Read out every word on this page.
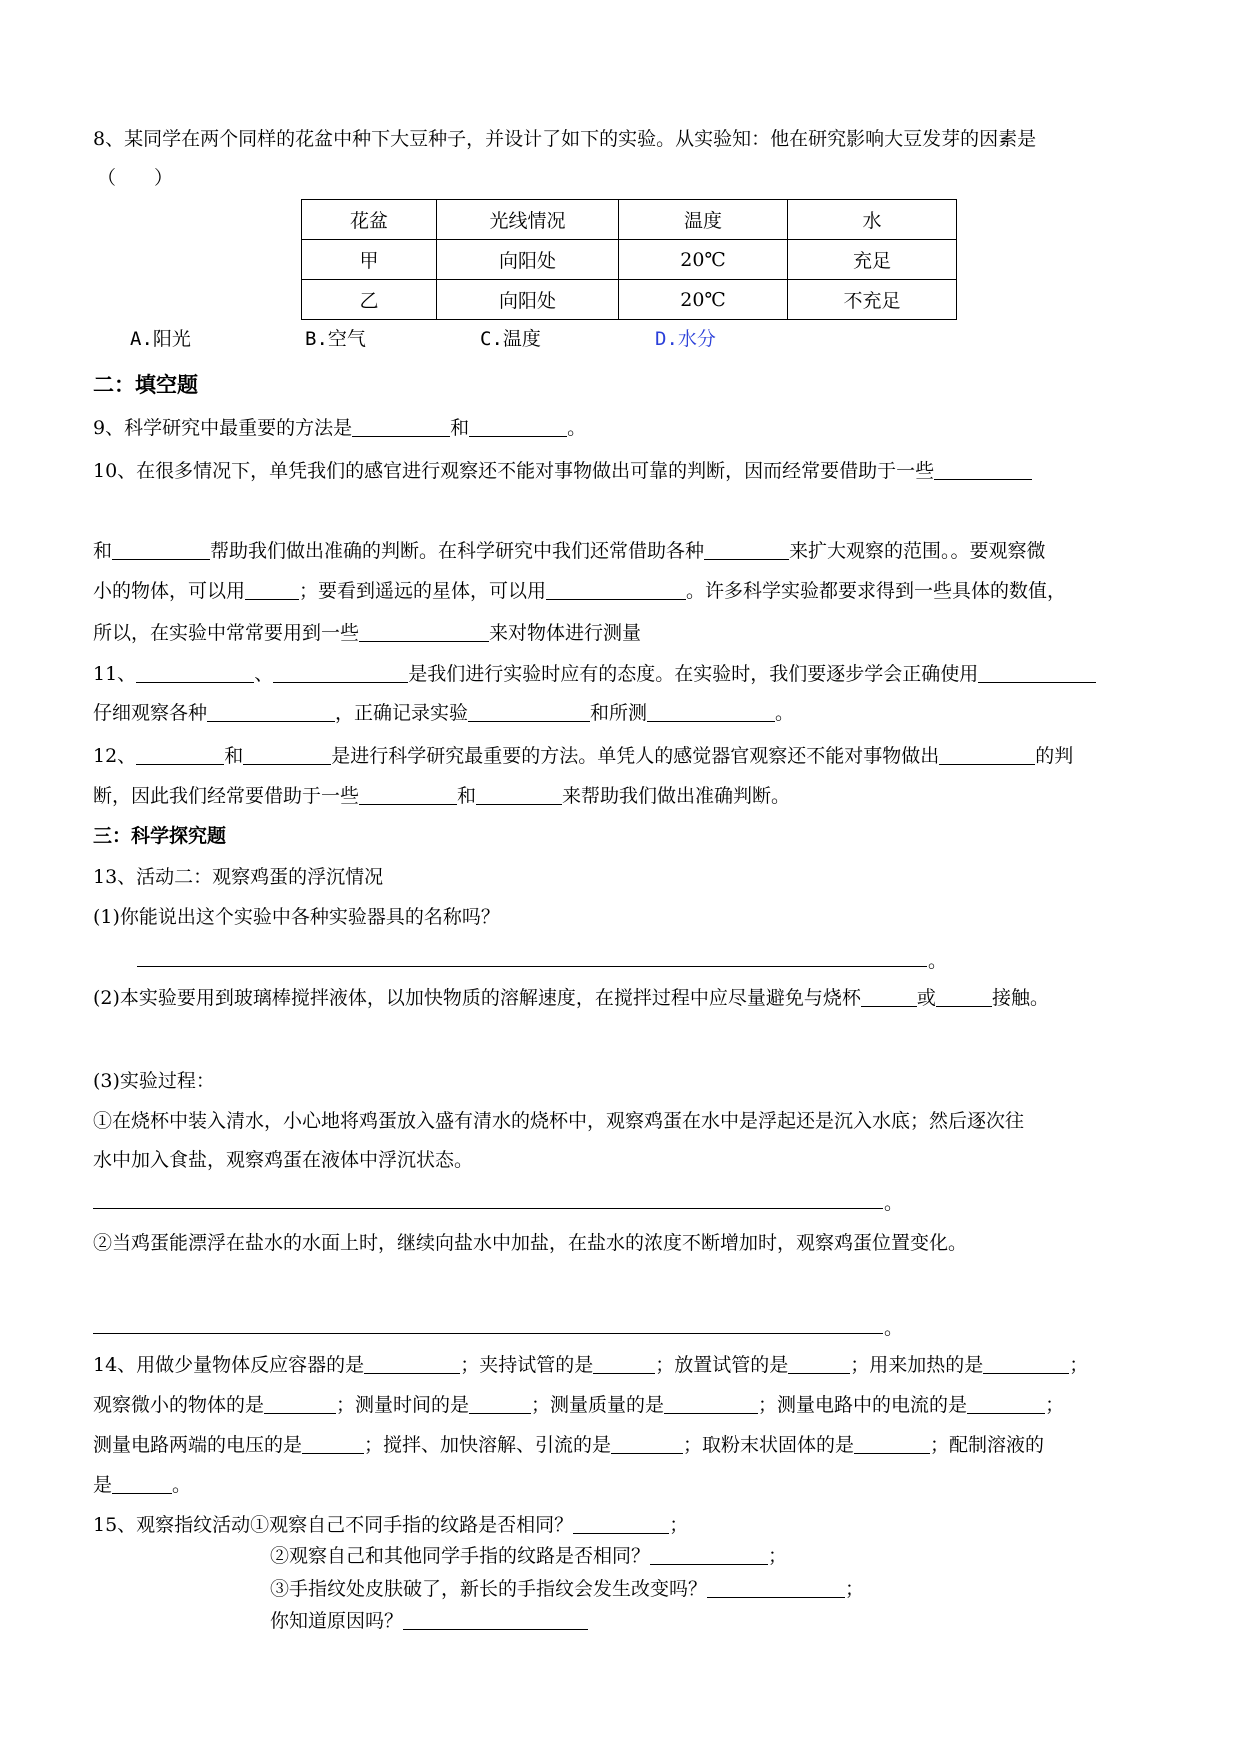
8、某同学在两个同样的花盆中种下大豆种子，并设计了如下的实验。从实验知：他在研究影响大豆发芽的因素是
（　　）
花盆	光线情况	温度	水
甲	向阳处	20℃	充足
乙	向阳处	20℃	不充足
A.阳光	B.空气	C.温度	D.水分
二：填空题
9、科学研究中最重要的方法是	和	。
10、在很多情况下，单凭我们的感官进行观察还不能对事物做出可靠的判断，因而经常要借助于一些
和	帮助我们做出准确的判断。在科学研究中我们还常借助各种	来扩大观察的范围。。要观察微
小的物体，可以用	；要看到遥远的星体，可以用	。许多科学实验都要求得到一些具体的数值，
所以，在实验中常常要用到一些	来对物体进行测量
11、	、	是我们进行实验时应有的态度。在实验时，我们要逐步学会正确使用
仔细观察各种	，正确记录实验	和所测	。
12、	和	是进行科学研究最重要的方法。单凭人的感觉器官观察还不能对事物做出	的判
断，因此我们经常要借助于一些	和	来帮助我们做出准确判断。
三：科学探究题
13、活动二：观察鸡蛋的浮沉情况
(1)你能说出这个实验中各种实验器具的名称吗？
。
(2)本实验要用到玻璃棒搅拌液体，以加快物质的溶解速度，在搅拌过程中应尽量避免与烧杯	或	接触。
(3)实验过程：
①在烧杯中装入清水，小心地将鸡蛋放入盛有清水的烧杯中，观察鸡蛋在水中是浮起还是沉入水底；然后逐次往
水中加入食盐，观察鸡蛋在液体中浮沉状态。
。
②当鸡蛋能漂浮在盐水的水面上时，继续向盐水中加盐，在盐水的浓度不断增加时，观察鸡蛋位置变化。
。
14、用做少量物体反应容器的是	；夹持试管的是	；放置试管的是	；用来加热的是	；
观察微小的物体的是	；测量时间的是	；测量质量的是	；测量电路中的电流的是	；
测量电路两端的电压的是	；搅拌、加快溶解、引流的是	；取粉末状固体的是	；配制溶液的
是	。
15、观察指纹活动①观察自己不同手指的纹路是否相同？	；
②观察自己和其他同学手指的纹路是否相同？	；
③手指纹处皮肤破了，新长的手指纹会发生改变吗？	；
你知道原因吗？
